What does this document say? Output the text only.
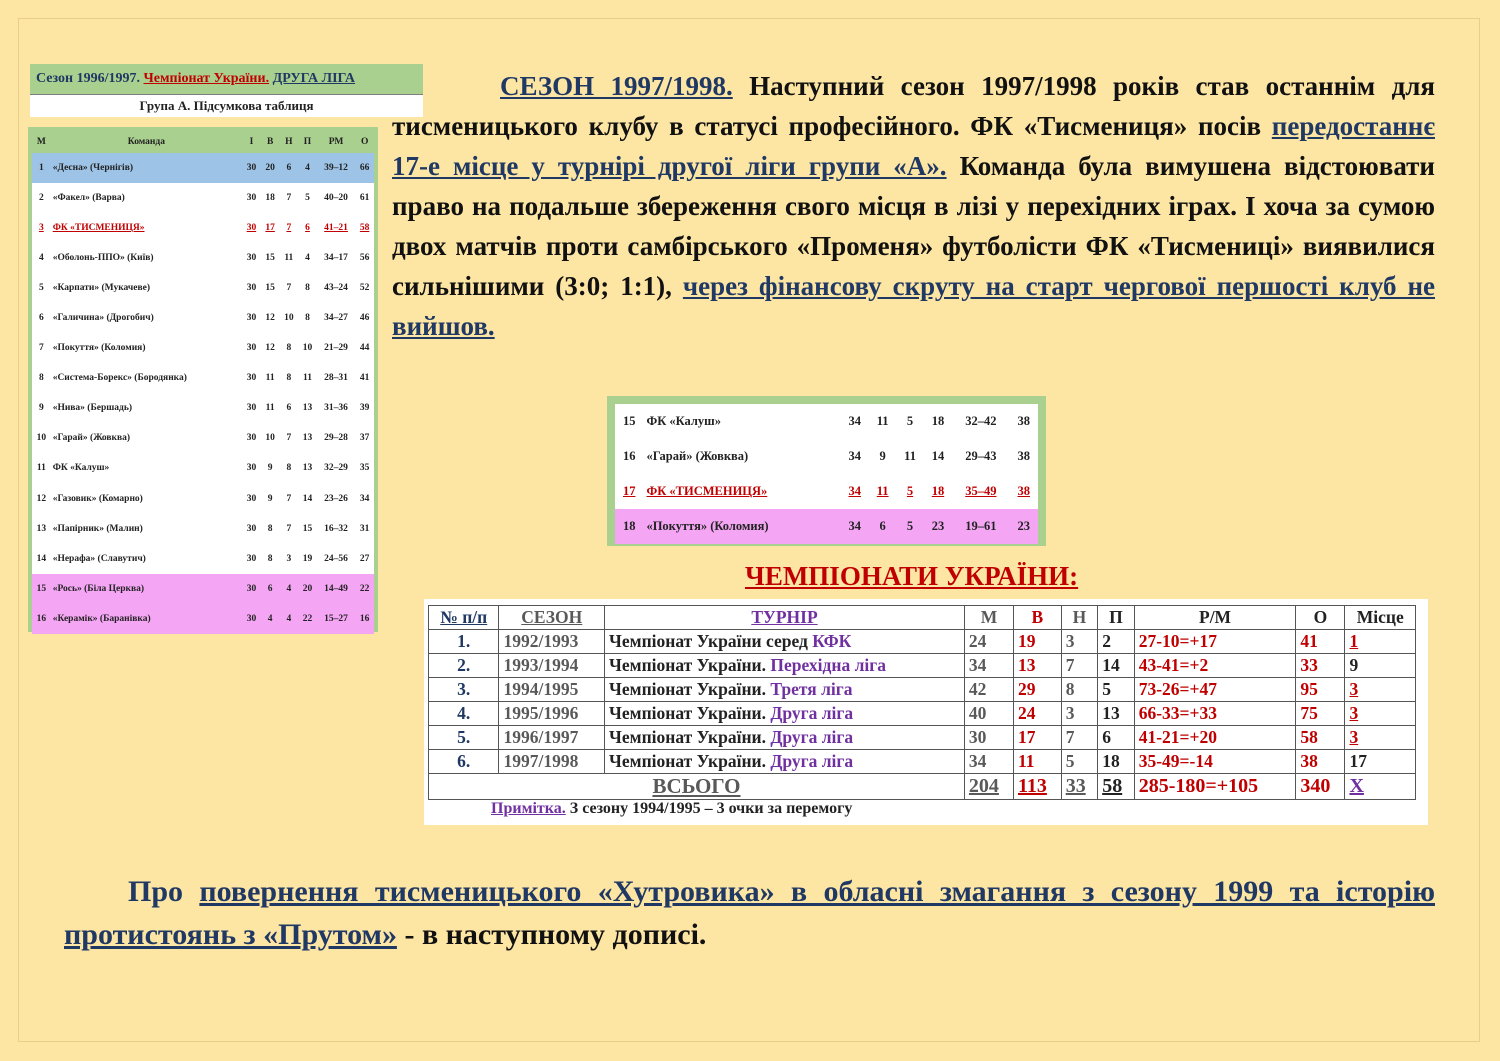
Сезон 1996/1997. Чемпіонат України. ДРУГА ЛІГА
Група А. Підсумкова таблиця
М	Команда	І	В	Н	П	РМ	О
1	«Десна» (Чернігів)	30	20	6	4	39–12	66
2	«Факел» (Варва)	30	18	7	5	40–20	61
3	ФК «ТИСМЕНИЦЯ»	30	17	7	6	41–21	58
4	«Оболонь-ППО» (Київ)	30	15	11	4	34–17	56
5	«Карпати» (Мукачеве)	30	15	7	8	43–24	52
6	«Галичина» (Дрогобич)	30	12	10	8	34–27	46
7	«Покуття» (Коломия)	30	12	8	10	21–29	44
8	«Система-Борекс» (Бородянка)	30	11	8	11	28–31	41
9	«Нива» (Бершадь)	30	11	6	13	31–36	39
10	«Гарай» (Жовква)	30	10	7	13	29–28	37
11	ФК «Калуш»	30	9	8	13	32–29	35
12	«Газовик» (Комарно)	30	9	7	14	23–26	34
13	«Папірник» (Малин)	30	8	7	15	16–32	31
14	«Нерафа» (Славутич)	30	8	3	19	24–56	27
15	«Рось» (Біла Церква)	30	6	4	20	14–49	22
16	«Керамік» (Баранівка)	30	4	4	22	15–27	16
СЕЗОН 1997/1998. Наступний сезон 1997/1998 років став останнім для тисменицького клубу в статусі професійного. ФК «Тисмениця» посів передостаннє 17-е місце у турнірі другої ліги групи «А». Команда була вимушена відстоювати право на подальше збереження свого місця в лізі у перехідних іграх. І хоча за сумою двох матчів проти самбірського «Променя» футболісти ФК «Тисмениці» виявилися сильнішими (3:0; 1:1), через фінансову скруту на старт чергової першості клуб не вийшов.
15	ФК «Калуш»	34	11	5	18	32–42	38
16	«Гарай» (Жовква)	34	9	11	14	29–43	38
17	ФК «ТИСМЕНИЦЯ»	34	11	5	18	35–49	38
18	«Покуття» (Коломия)	34	6	5	23	19–61	23
ЧЕМПІОНАТИ УКРАЇНИ:
№ п/п	СЕЗОН	ТУРНІР	М	В	Н	П	Р/М	О	Місце
1.	1992/1993	Чемпіонат України серед КФК	24	19	3	2	27-10=+17	41	1
2.	1993/1994	Чемпіонат України. Перехідна ліга	34	13	7	14	43-41=+2	33	9
3.	1994/1995	Чемпіонат України. Третя ліга	42	29	8	5	73-26=+47	95	3
4.	1995/1996	Чемпіонат України. Друга ліга	40	24	3	13	66-33=+33	75	3
5.	1996/1997	Чемпіонат України. Друга ліга	30	17	7	6	41-21=+20	58	3
6.	1997/1998	Чемпіонат України. Друга ліга	34	11	5	18	35-49=-14	38	17
ВСЬОГО			204	113	33	58	285-180=+105	340	X
Примітка. З сезону 1994/1995 – 3 очки за перемогу
Про повернення тисменицького «Хутровика» в обласні змагання з сезону 1999 та історію протистоянь з «Прутом» - в наступному дописі.
